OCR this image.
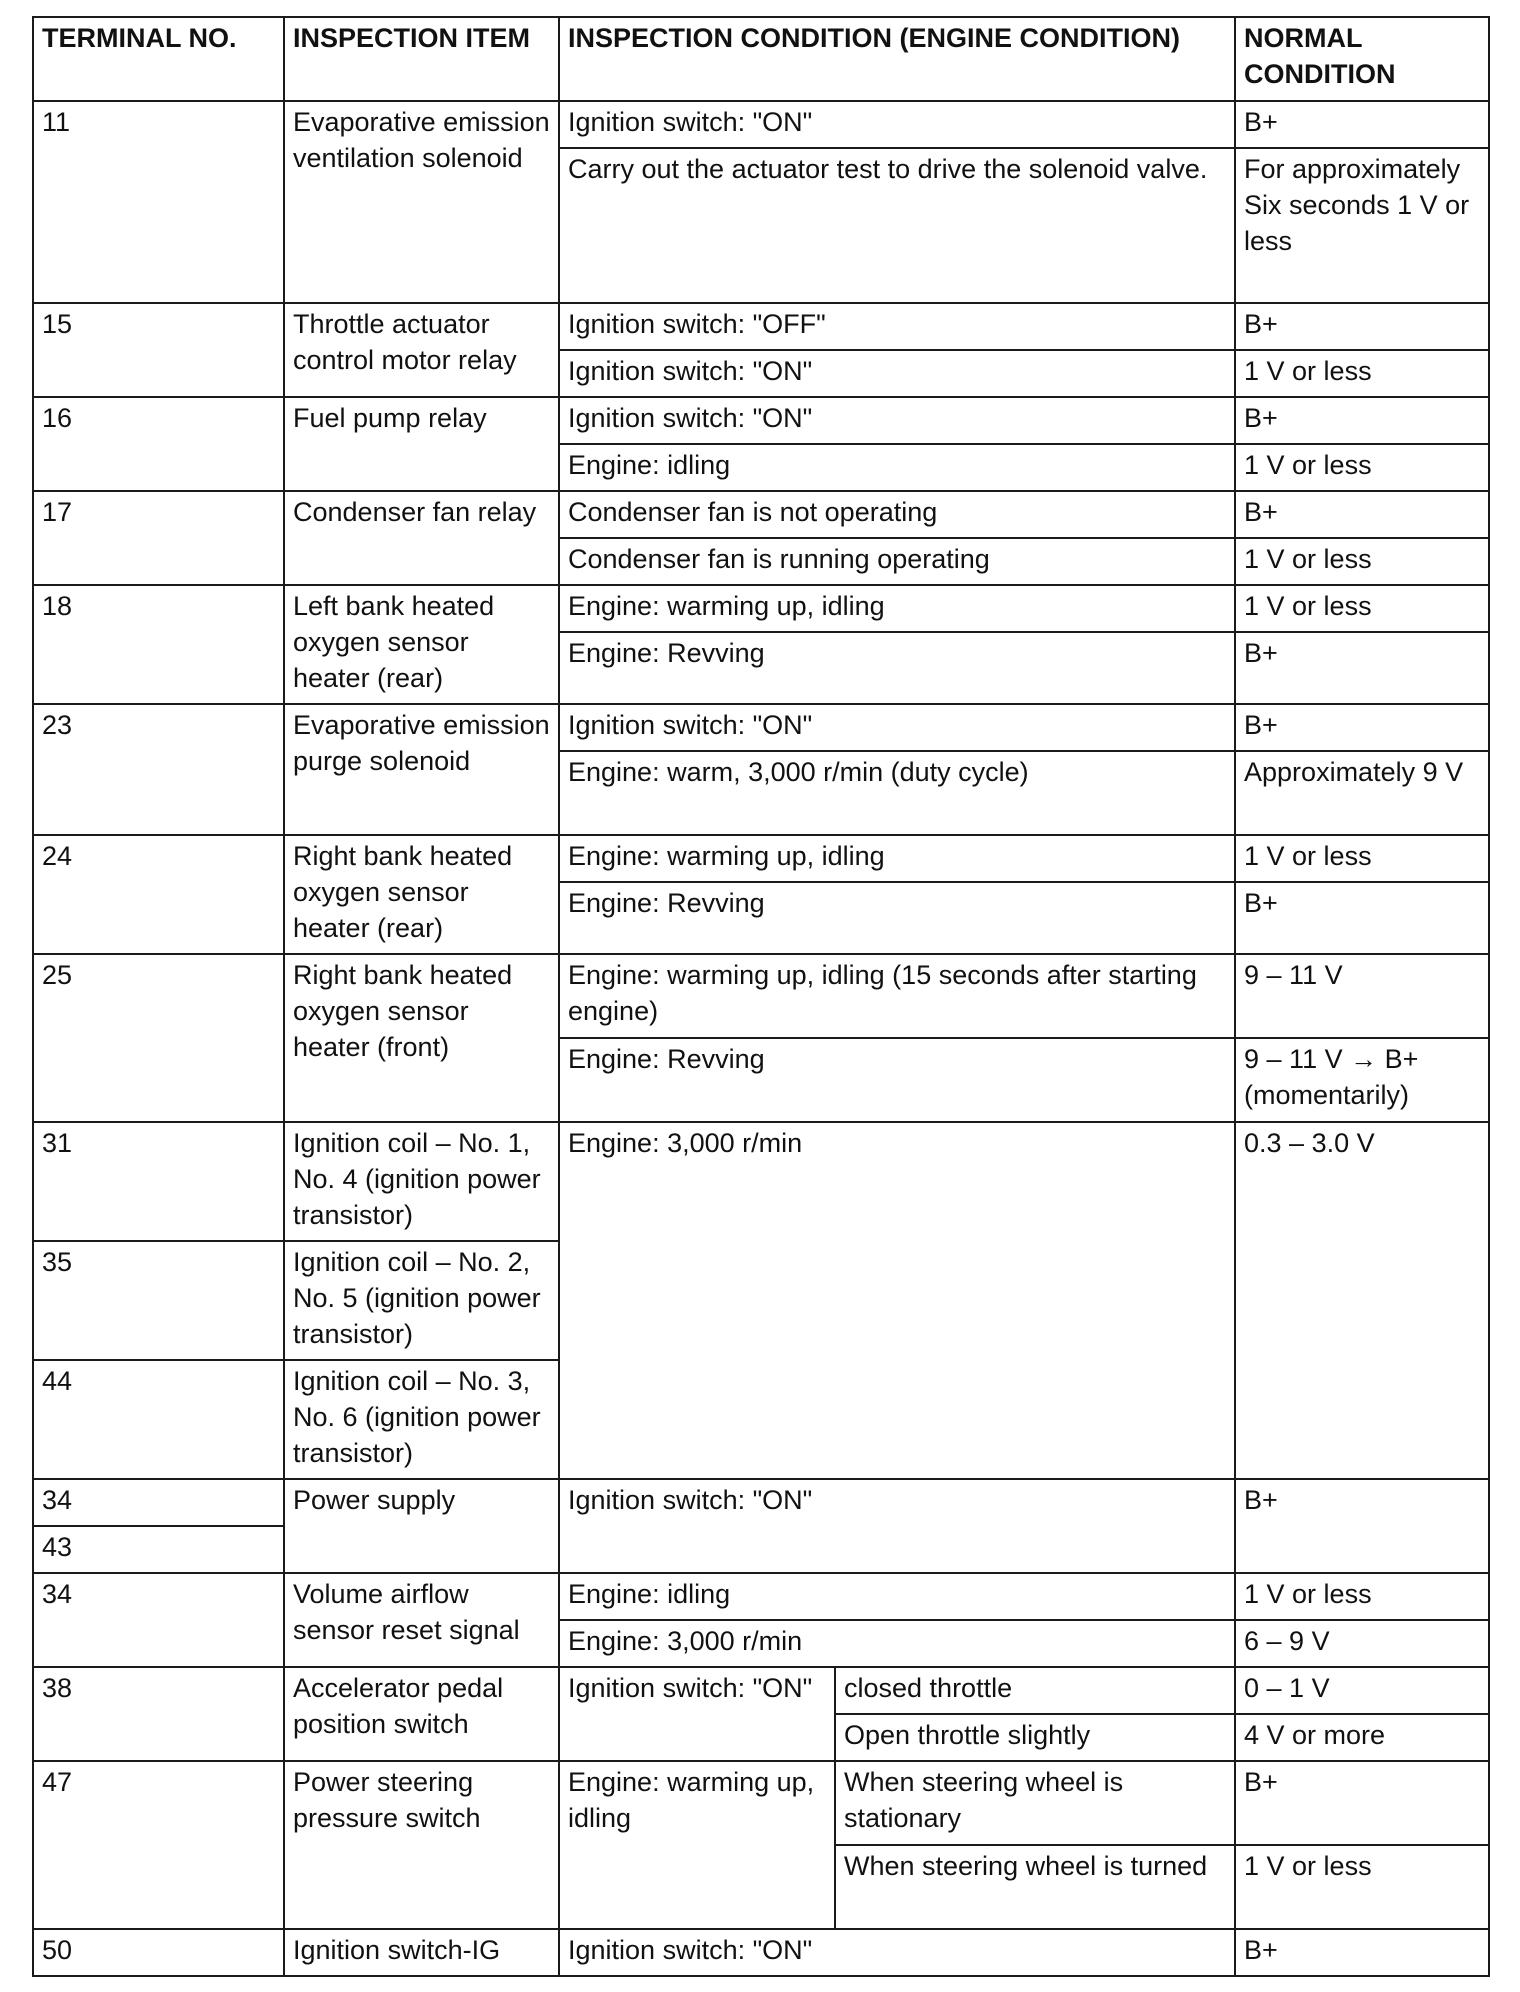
TERMINAL NO.	INSPECTION ITEM	INSPECTION CONDITION (ENGINE CONDITION)		NORMAL CONDITION
11	Evaporative emission ventilation solenoid	Ignition switch: "ON"		B+
		Carry out the actuator test to drive the solenoid valve.		For approximately Six seconds 1 V or less
15	Throttle actuator control motor relay	Ignition switch: "OFF"		B+
		Ignition switch: "ON"		1 V or less
16	Fuel pump relay	Ignition switch: "ON"		B+
		Engine: idling		1 V or less
17	Condenser fan relay	Condenser fan is not operating		B+
		Condenser fan is running operating		1 V or less
18	Left bank heated oxygen sensor heater (rear)	Engine: warming up, idling		1 V or less
		Engine: Revving		B+
23	Evaporative emission purge solenoid	Ignition switch: "ON"		B+
		Engine: warm, 3,000 r/min (duty cycle)		Approximately 9 V
24	Right bank heated oxygen sensor heater (rear)	Engine: warming up, idling		1 V or less
		Engine: Revving		B+
25	Right bank heated oxygen sensor heater (front)	Engine: warming up, idling (15 seconds after starting engine)		9 – 11 V
		Engine: Revving		9 – 11 V → B+ (momentarily)
31	Ignition coil – No. 1, No. 4 (ignition power transistor)	Engine: 3,000 r/min		0.3 – 3.0 V
35	Ignition coil – No. 2, No. 5 (ignition power transistor)			
44	Ignition coil – No. 3, No. 6 (ignition power transistor)			
34	Power supply	Ignition switch: "ON"		B+
43				
34	Volume airflow sensor reset signal	Engine: idling		1 V or less
		Engine: 3,000 r/min		6 – 9 V
38	Accelerator pedal position switch	Ignition switch: "ON"	closed throttle	0 – 1 V
			Open throttle slightly	4 V or more
47	Power steering pressure switch	Engine: warming up, idling	When steering wheel is stationary	B+
			When steering wheel is turned	1 V or less
50	Ignition switch-IG	Ignition switch: "ON"		B+
